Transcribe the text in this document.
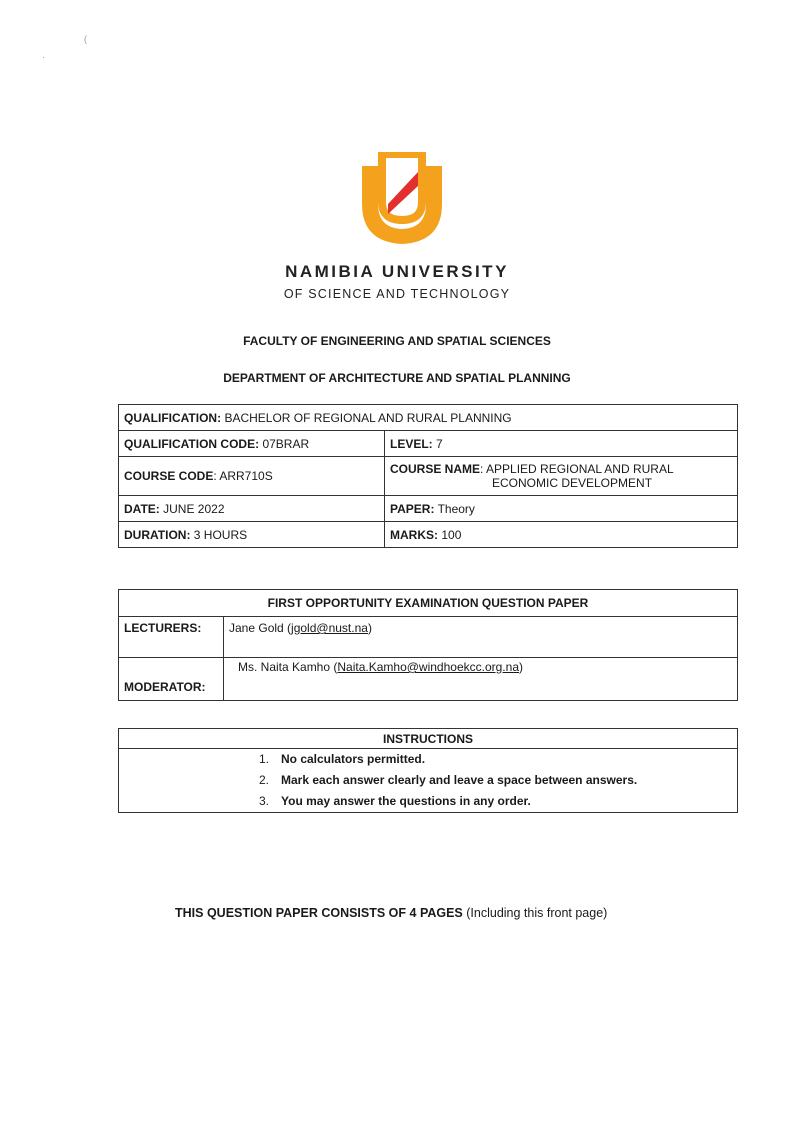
(
·
NAMIBIA UNIVERSITY
OF SCIENCE AND TECHNOLOGY
FACULTY OF ENGINEERING AND SPATIAL SCIENCES
DEPARTMENT OF ARCHITECTURE AND SPATIAL PLANNING
QUALIFICATION: BACHELOR OF REGIONAL AND RURAL PLANNING	
QUALIFICATION CODE: 07BRAR	LEVEL: 7
COURSE CODE: ARR710S	COURSE NAME: APPLIED REGIONAL AND RURAL
ECONOMIC DEVELOPMENT

DATE: JUNE 2022	PAPER: Theory
DURATION: 3 HOURS	MARKS: 100
FIRST OPPORTUNITY EXAMINATION QUESTION PAPER	
LECTURERS:	Jane Gold (jgold@nust.na)
MODERATOR:	Ms. Naita Kamho (Naita.Kamho@windhoekcc.org.na)
INSTRUCTIONS

1. No calculators permitted.
2. Mark each answer clearly and leave a space between answers.
3. You may answer the questions in any order.
THIS QUESTION PAPER CONSISTS OF 4 PAGES (Including this front page)
